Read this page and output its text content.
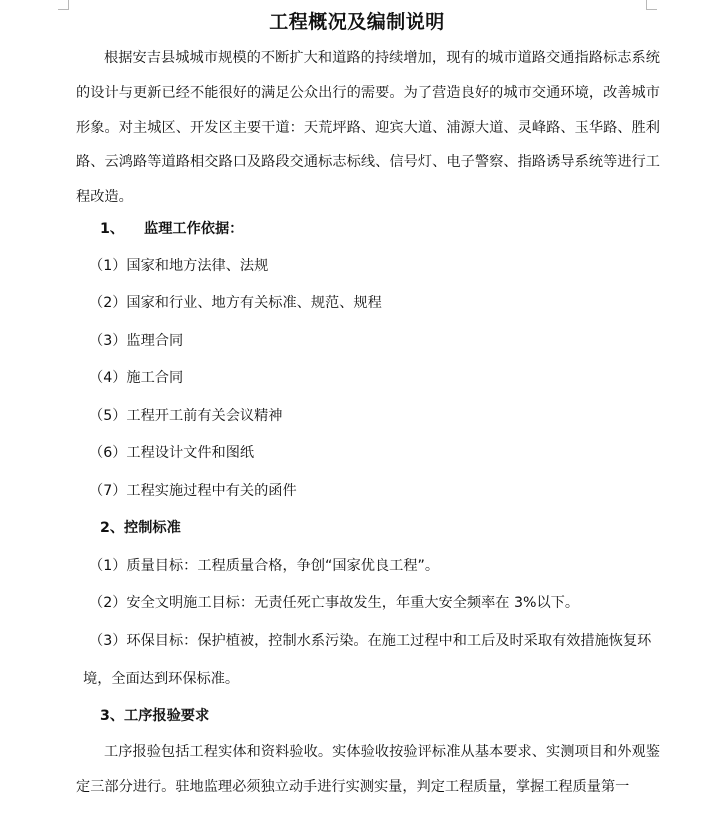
工程概况及编制说明
根据安吉县城城市规模的不断扩大和道路的持续增加，现有的城市道路交通指路标志系统的设计与更新已经不能很好的满足公众出行的需要。为了营造良好的城市交通环境，改善城市形象。对主城区、开发区主要干道：天荒坪路、迎宾大道、浦源大道、灵峰路、玉华路、胜利路、云鸿路等道路相交路口及路段交通标志标线、信号灯、电子警察、指路诱导系统等进行工程改造。
1、 监理工作依据：
（1）国家和地方法律、法规
（2）国家和行业、地方有关标准、规范、规程
（3）监理合同
（4）施工合同
（5）工程开工前有关会议精神
（6）工程设计文件和图纸
（7）工程实施过程中有关的函件
2、控制标准
（1）质量目标：工程质量合格，争创“国家优良工程”。
（2）安全文明施工目标：无责任死亡事故发生，年重大安全频率在 3%以下。
（3）环保目标：保护植被，控制水系污染。在施工过程中和工后及时采取有效措施恢复环境，全面达到环保标准。
3、工序报验要求
工序报验包括工程实体和资料验收。实体验收按验评标准从基本要求、实测项目和外观鉴定三部分进行。驻地监理必须独立动手进行实测实量，判定工程质量，掌握工程质量第一
